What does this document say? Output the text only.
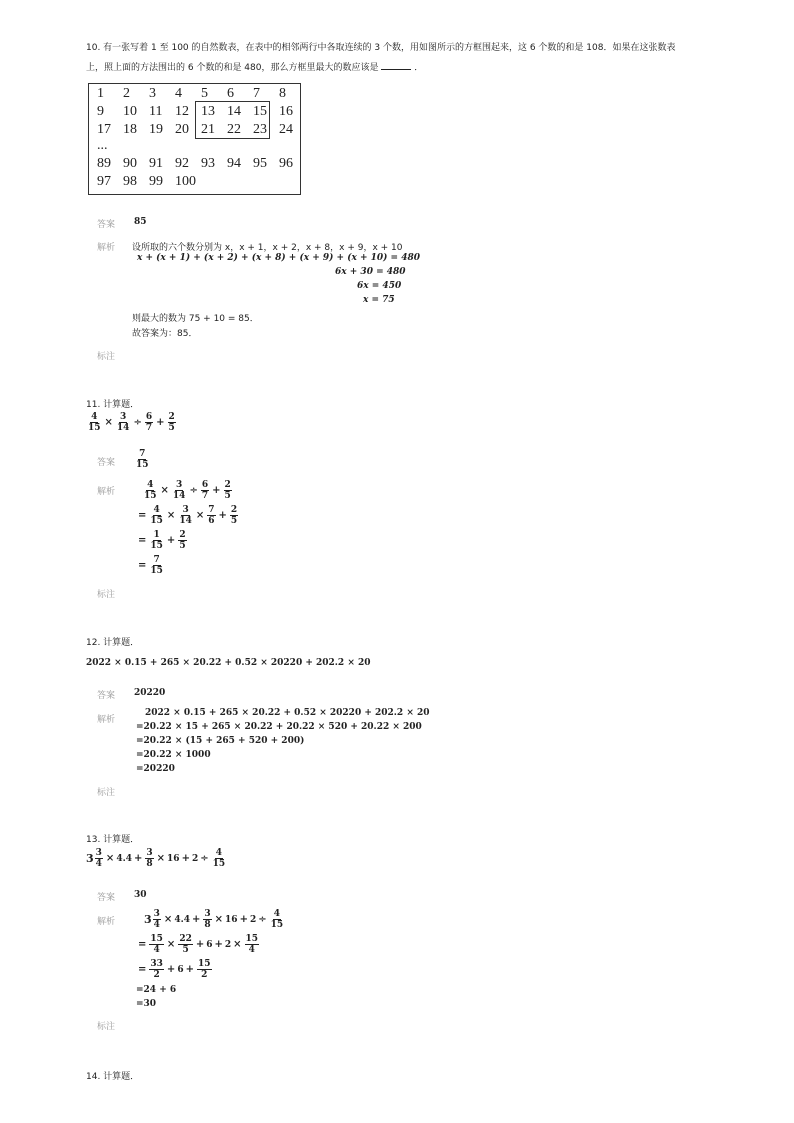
10. 有一张写着 1 至 100 的自然数表，在表中的相邻两行中各取连续的 3 个数，用如图所示的方框围起来，这 6 个数的和是 108．如果在这张数表
上，照上面的方法围出的 6 个数的和是 480，那么方框里最大的数应该是	．
1 2 3 4 5 6 7 8
9 10 11 12 13 14 15 16
17 18 19 20 21 22 23 24
...
89 90 91 92 93 94 95 96
97 98 99 100
答案 85
解析 设所取的六个数分别为 x，x + 1，x + 2，x + 8，x + 9，x + 10
x + (x + 1) + (x + 2) + (x + 8) + (x + 9) + (x + 10) = 480
6x + 30 = 480
6x = 450
x = 75
则最大的数为 75 + 10 = 85．
故答案为：85．
标注
11. 计算题．
$\frac{4}{15} \times \frac{3}{14} \div \frac{6}{7} + \frac{2}{5}$
答案 $\frac{7}{15}$
解析	$\frac{4}{15} \times \frac{3}{14} \div \frac{6}{7} + \frac{2}{5}$
= $\frac{4}{15} \times \frac{3}{14} \times \frac{7}{6} + \frac{2}{5}$
= $\frac{1}{15} + \frac{2}{5}$
= $\frac{7}{15}$
标注
12. 计算题．
2022 × 0.15 + 265 × 20.22 + 0.52 × 20220 + 202.2 × 20
答案 20220
解析
2022 × 0.15 + 265 × 20.22 + 0.52 × 20220 + 202.2 × 20
=20.22 × 15 + 265 × 20.22 + 20.22 × 520 + 20.22 × 200
=20.22 × (15 + 265 + 520 + 200)
=20.22 × 1000
=20220
标注
13. 计算题．
$3 \frac{3}{4} \times 4.4 + \frac{3}{8} \times 16 + 2 \div \frac{4}{15}$
答案 30
解析	$3 \frac{3}{4} \times 4.4 + \frac{3}{8} \times 16 + 2 \div \frac{4}{15}$
= $\frac{15}{4} \times \frac{22}{5} + 6 + 2 \times \frac{15}{4}$
= $\frac{33}{2} + 6 + \frac{15}{2}$
=24 + 6
=30
标注
14. 计算题．
